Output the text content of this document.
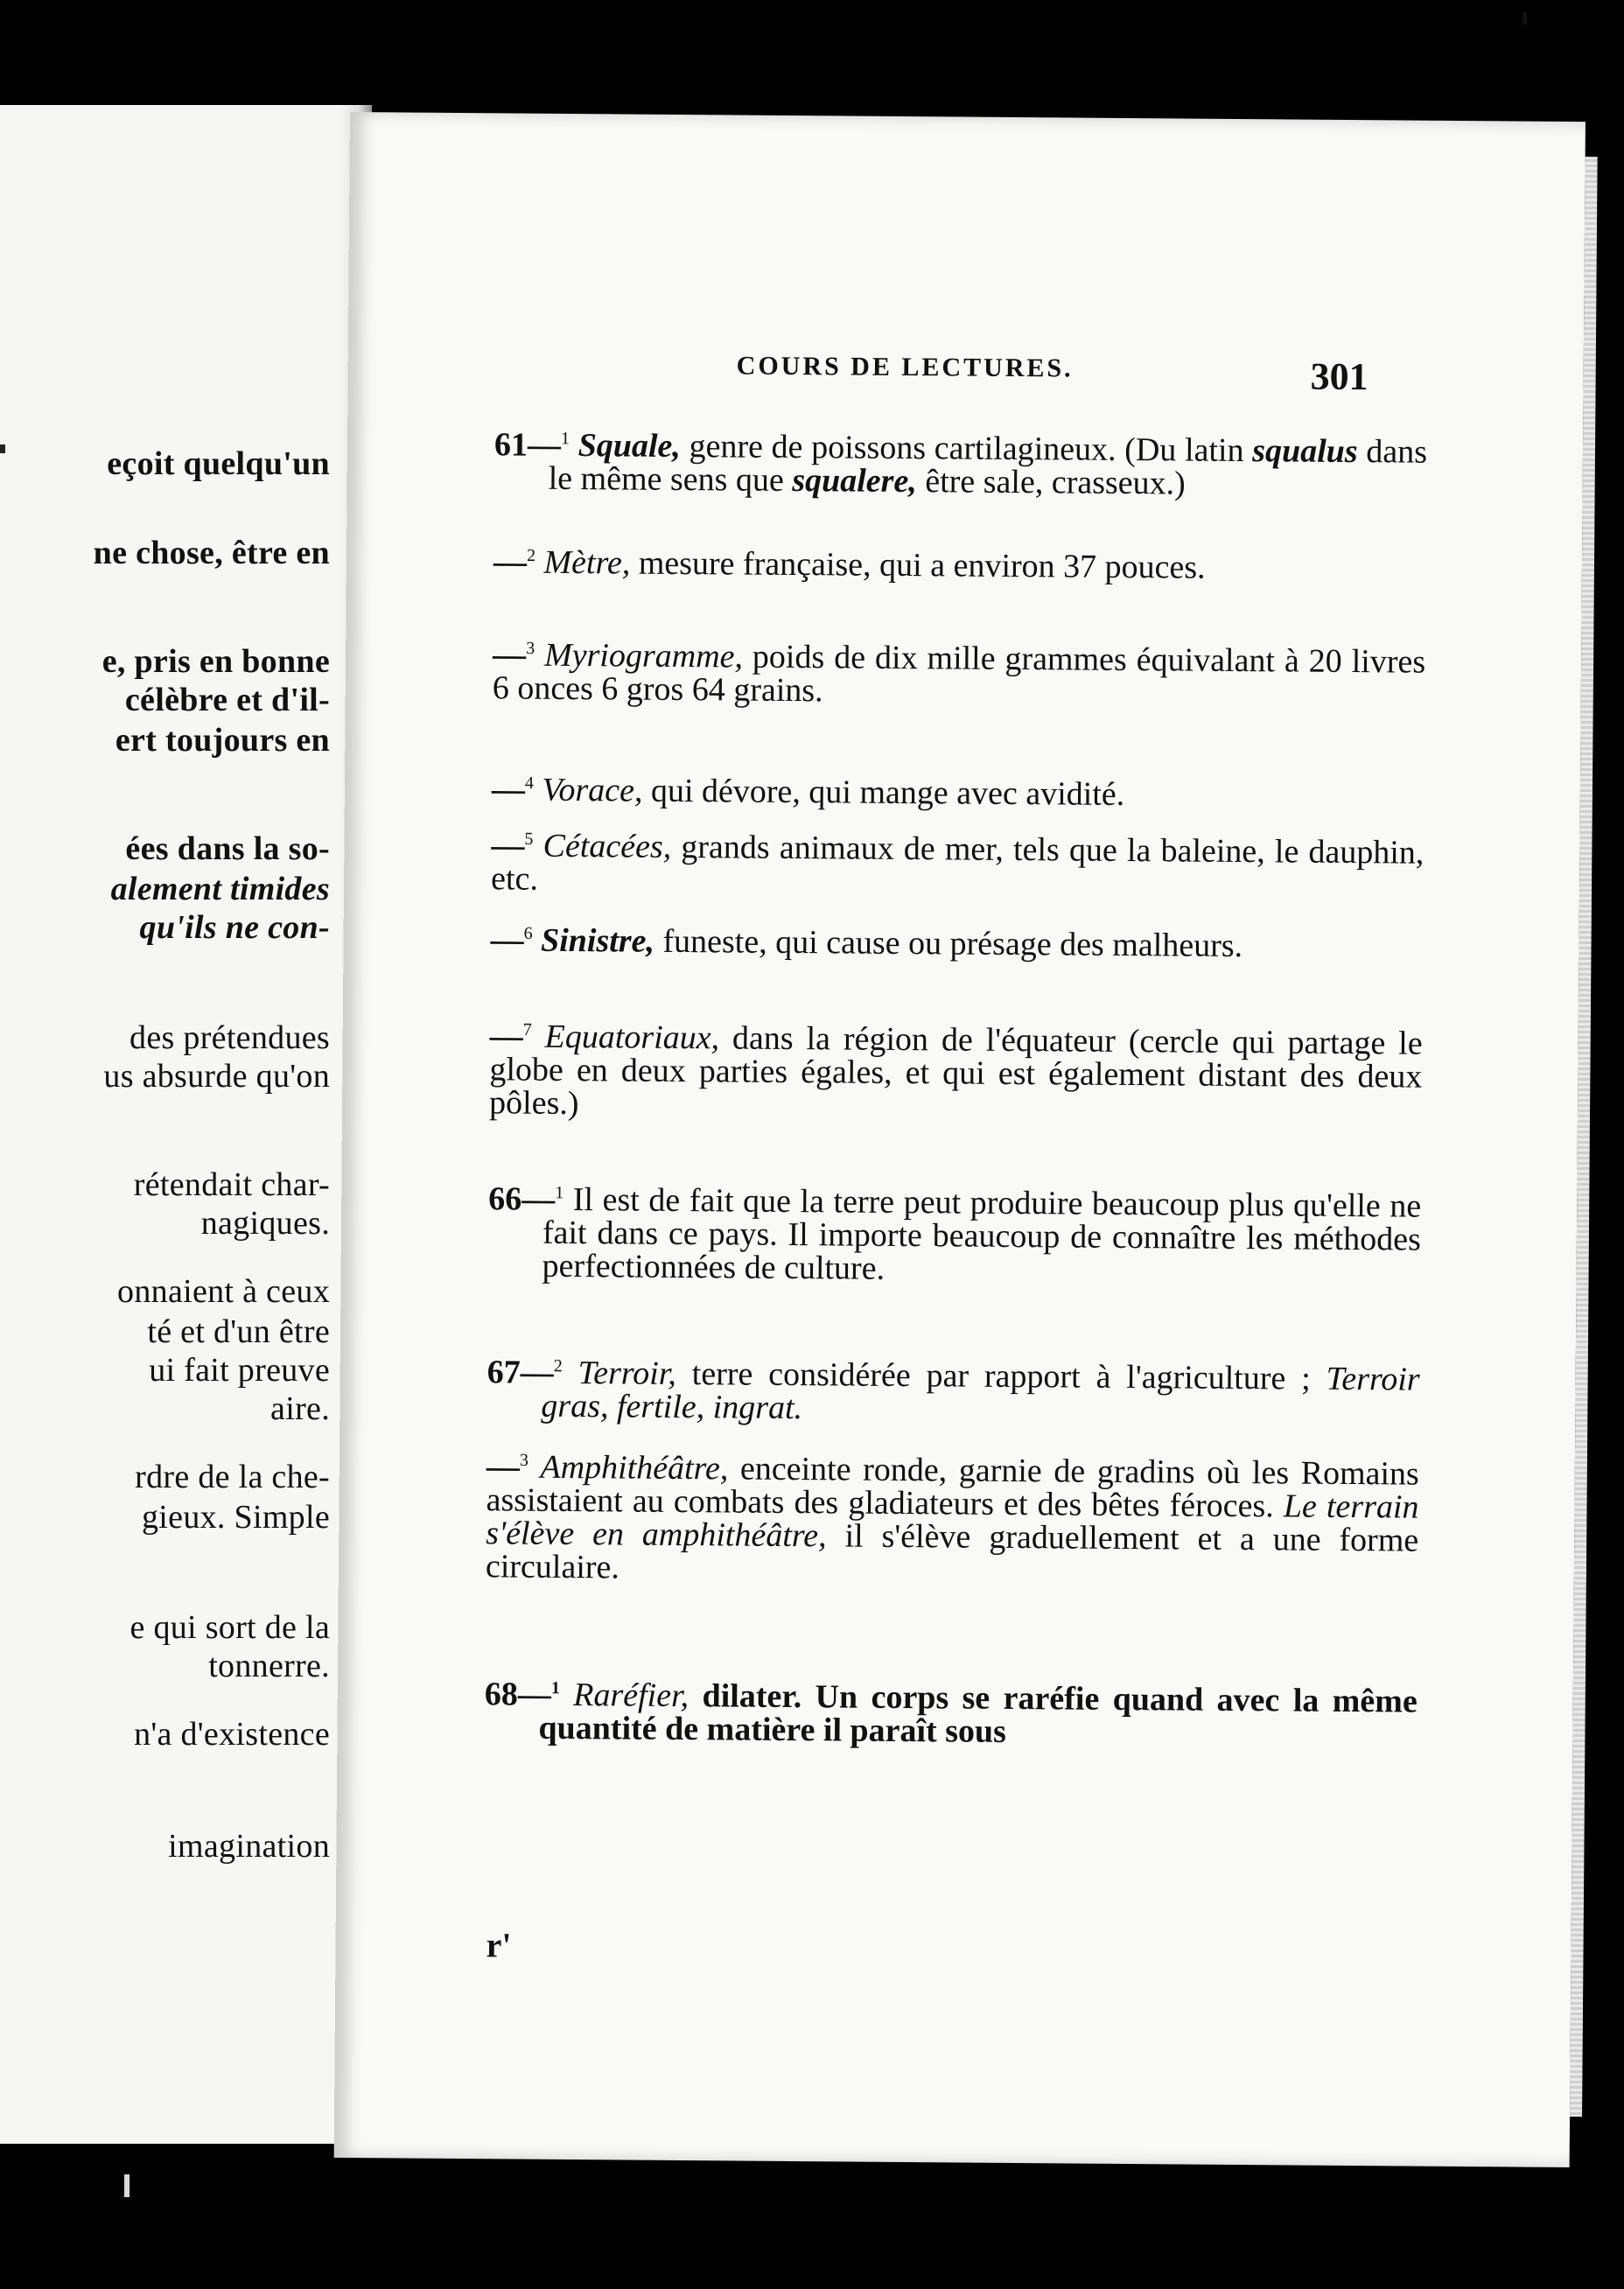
eçoit quelqu'un
ne chose, être en
e, pris en bonne
célèbre et d'il-
ert toujours en
ées dans la so-
alement timides
qu'ils ne con-
des prétendues
us absurde qu'on
rétendait char-
nagiques.
onnaient à ceux
té et d'un être
ui fait preuve
aire.
rdre de la che-
gieux. Simple
e qui sort de la
tonnerre.
n'a d'existence
imagination
COURS DE LECTURES.	301
61—$^1$ Squale, genre de poissons cartilagineux. (Du latin squalus dans le même sens que squalere, être sale, crasseux.)
—$^2$ Mètre, mesure française, qui a environ 37 pouces.
—$^3$ Myriogramme, poids de dix mille grammes équivalant à 20 livres 6 onces 6 gros 64 grains.
—$^4$ Vorace, qui dévore, qui mange avec avidité.
—$^5$ Cétacées, grands animaux de mer, tels que la baleine, le dauphin, etc.
—$^6$ Sinistre, funeste, qui cause ou présage des malheurs.
—$^7$ Equatoriaux, dans la région de l'équateur (cercle qui partage le globe en deux parties égales, et qui est également distant des deux pôles.)
66—$^1$ Il est de fait que la terre peut produire beaucoup plus qu'elle ne fait dans ce pays. Il importe beaucoup de connaître les méthodes perfectionnées de culture.
67—$^2$ Terroir, terre considérée par rapport à l'agriculture ; Terroir gras, fertile, ingrat.
—$^3$ Amphithéâtre, enceinte ronde, garnie de gradins où les Romains assistaient au combats des gladiateurs et des bêtes féroces. Le terrain s'élève en amphithéâtre, il s'élève graduellement et a une forme circulaire.
68—$^1$ Raréfier, dilater. Un corps se raréfie quand avec la même quantité de matière il paraît sous
r'
